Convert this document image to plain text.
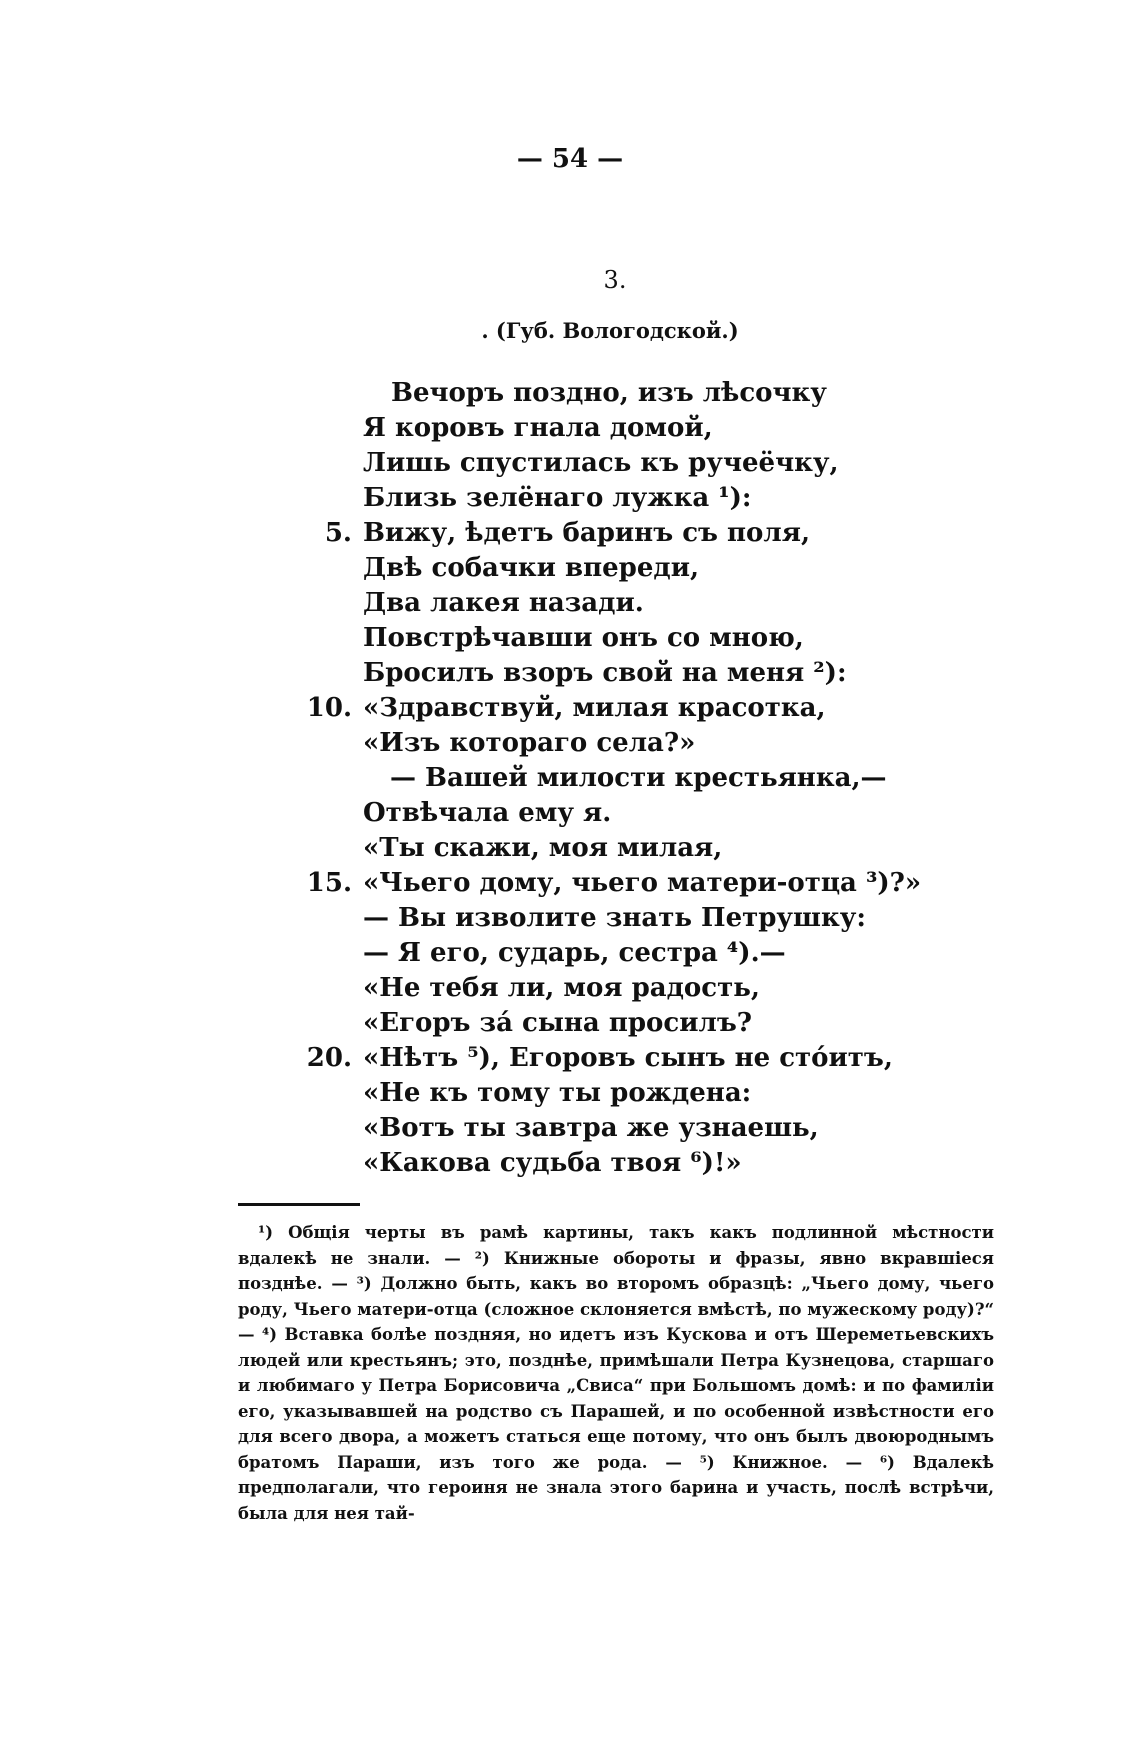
— 54 —
3.
. (Губ. Вологодской.)
Вечоръ поздно, изъ лѣсочку
Я коровъ гнала домой,
Лишь спустилась къ ручеёчку,
Близь зелёнаго лужка ¹):
5. Вижу, ѣдетъ баринъ съ поля,
Двѣ собачки впереди,
Два лакея назади.
Повстрѣчавши онъ со мною,
Бросилъ взоръ свой на меня ²):
10. «Здравствуй, милая красотка,
«Изъ котораго села?»
— Вашей милости крестьянка,—
Отвѣчала ему я.
«Ты скажи, моя милая,
15. «Чьего дому, чьего матери-отца ³)?»
— Вы изволите знать Петрушку:
— Я его, сударь, сестра ⁴).—
«Не тебя ли, моя радость,
«Егоръ за́ сына просилъ?
20. «Нѣтъ ⁵), Егоровъ сынъ не сто́итъ,
«Не къ тому ты рождена:
«Вотъ ты завтра же узнаешь,
«Какова судьба твоя ⁶)!»

¹) Общія черты въ рамѣ картины, такъ какъ подлинной мѣстности вдалекѣ не знали. — ²) Книжные обороты и фразы, явно вкравшіеся позднѣе. — ³) Должно быть, какъ во второмъ образцѣ: „Чьего дому, чьего роду, Чьего матери-отца (сложное склоняется вмѣстѣ, по мужескому роду)?“ — ⁴) Вставка болѣе поздняя, но идетъ изъ Кускова и отъ Шереметьевскихъ людей или крестьянъ; это, позднѣе, примѣшали Петра Кузнецова, старшаго и любимаго у Петра Борисовича „Свиса“ при Большомъ домѣ: и по фамиліи его, указывавшей на родство съ Парашей, и по особенной извѣстности его для всего двора, а можетъ статься еще потому, что онъ былъ двоюроднымъ братомъ Параши, изъ того же рода. — ⁵) Книжное. — ⁶) Вдалекѣ предполагали, что героиня не знала этого барина и участь, послѣ встрѣчи, была для нея тай-
